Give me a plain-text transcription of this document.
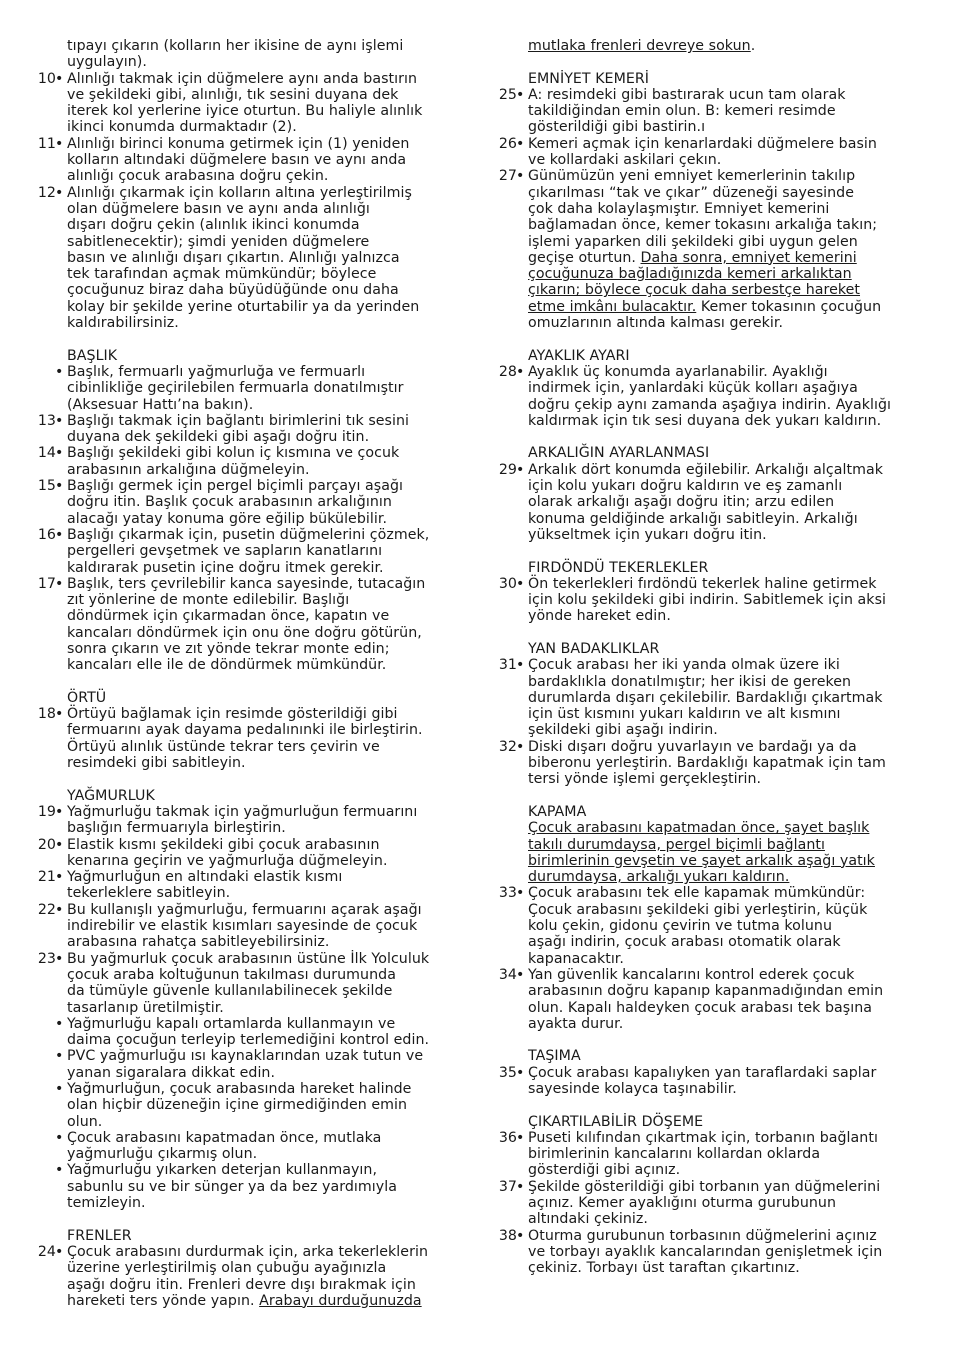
tıpayı çıkarın (kolların her ikisine de aynı işlemi
uygulayın).
10 • Alınlığı takmak için düğmelere aynı anda bastırın
ve şekildeki gibi, alınlığı, tık sesini duyana dek
iterek kol yerlerine iyice oturtun. Bu haliyle alınlık
ikinci konumda durmaktadır (2).
11 • Alınlığı birinci konuma getirmek için (1) yeniden
kolların altındaki düğmelere basın ve aynı anda
alınlığı çocuk arabasına doğru çekin.
12 • Alınlığı çıkarmak için kolların altına yerleştirilmiş
olan düğmelere basın ve aynı anda alınlığı
dışarı doğru çekin (alınlık ikinci konumda
sabitlenecektir); şimdi yeniden düğmelere
basın ve alınlığı dışarı çıkartın. Alınlığı yalnızca
tek tarafından açmak mümkündür; böylece
çocuğunuz biraz daha büyüdüğünde onu daha
kolay bir şekilde yerine oturtabilir ya da yerinden
kaldırabilirsiniz.
BAŞLIK
• Başlık, fermuarlı yağmurluğa ve fermuarlı
cibinlikliğe geçirilebilen fermuarla donatılmıştır
(Aksesuar Hattı’na bakın).
13 • Başlığı takmak için bağlantı birimlerini tık sesini
duyana dek şekildeki gibi aşağı doğru itin.
14 • Başlığı şekildeki gibi kolun iç kısmına ve çocuk
arabasının arkalığına düğmeleyin.
15 • Başlığı germek için pergel biçimli parçayı aşağı
doğru itin. Başlık çocuk arabasının arkalığının
alacağı yatay konuma göre eğilip bükülebilir.
16 • Başlığı çıkarmak için, pusetin düğmelerini çözmek,
pergelleri gevşetmek ve sapların kanatlarını
kaldırarak pusetin içine doğru itmek gerekir.
17 • Başlık, ters çevrilebilir kanca sayesinde, tutacağın
zıt yönlerine de monte edilebilir. Başlığı
döndürmek için çıkarmadan önce, kapatın ve
kancaları döndürmek için onu öne doğru götürün,
sonra çıkarın ve zıt yönde tekrar monte edin;
kancaları elle ile de döndürmek mümkündür.
ÖRTÜ
18 • Örtüyü bağlamak için resimde gösterildiği gibi
fermuarını ayak dayama pedalınınki ile birleştirin.
Örtüyü alınlık üstünde tekrar ters çevirin ve
resimdeki gibi sabitleyin.
YAĞMURLUK
19 • Yağmurluğu takmak için yağmurluğun fermuarını
başlığın fermuarıyla birleştirin.
20 • Elastik kısmı şekildeki gibi çocuk arabasının
kenarına geçirin ve yağmurluğa düğmeleyin.
21 • Yağmurluğun en altındaki elastik kısmı
tekerleklere sabitleyin.
22 • Bu kullanışlı yağmurluğu, fermuarını açarak aşağı
indirebilir ve elastik kısımları sayesinde de çocuk
arabasına rahatça sabitleyebilirsiniz.
23 • Bu yağmurluk çocuk arabasının üstüne İlk Yolculuk
çocuk araba koltuğunun takılması durumunda
da tümüyle güvenle kullanılabilinecek şekilde
tasarlanıp üretilmiştir.
• Yağmurluğu kapalı ortamlarda kullanmayın ve
daima çocuğun terleyip terlemediğini kontrol edin.
• PVC yağmurluğu ısı kaynaklarından uzak tutun ve
yanan sigaralara dikkat edin.
• Yağmurluğun, çocuk arabasında hareket halinde
olan hiçbir düzeneğin içine girmediğinden emin
olun.
• Çocuk arabasını kapatmadan önce, mutlaka
yağmurluğu çıkarmış olun.
• Yağmurluğu yıkarken deterjan kullanmayın,
sabunlu su ve bir sünger ya da bez yardımıyla
temizleyin.
FRENLER
24 • Çocuk arabasını durdurmak için, arka tekerleklerin
üzerine yerleştirilmiş olan çubuğu ayağınızla
aşağı doğru itin. Frenleri devre dışı bırakmak için
hareketi ters yönde yapın. Arabayı durduğunuzda
mutlaka frenleri devreye sokun.
EMNİYET KEMERİ
25 • A: resimdeki gibi bastırarak ucun tam olarak
takildiğindan emin olun. B: kemeri resimde
gösterildiği gibi bastirin.ı
26 • Kemeri açmak için kenarlardaki düğmelere basin
ve kollardaki askilari çekın.
27 • Günümüzün yeni emniyet kemerlerinin takılıp
çıkarılması “tak ve çıkar” düzeneği sayesinde
çok daha kolaylaşmıştır. Emniyet kemerini
bağlamadan önce, kemer tokasını arkalığa takın;
işlemi yaparken dili şekildeki gibi uygun gelen
geçişe oturtun. Daha sonra, emniyet kemerini
çocuğunuza bağladığınızda kemeri arkalıktan
çıkarın; böylece çocuk daha serbestçe hareket
etme imkânı bulacaktır. Kemer tokasının çocuğun
omuzlarının altında kalması gerekir.
AYAKLIK AYARI
28 • Ayaklık üç konumda ayarlanabilir. Ayaklığı
indirmek için, yanlardaki küçük kolları aşağıya
doğru çekip aynı zamanda aşağıya indirin. Ayaklığı
kaldırmak için tık sesi duyana dek yukarı kaldırın.
ARKALIĞIN AYARLANMASI
29 • Arkalık dört konumda eğilebilir. Arkalığı alçaltmak
için kolu yukarı doğru kaldırın ve eş zamanlı
olarak arkalığı aşağı doğru itin; arzu edilen
konuma geldiğinde arkalığı sabitleyin. Arkalığı
yükseltmek için yukarı doğru itin.
FIRDÖNDÜ TEKERLEKLER
30 • Ön tekerlekleri fırdöndü tekerlek haline getirmek
için kolu şekildeki gibi indirin. Sabitlemek için aksi
yönde hareket edin.
YAN BADAKLIKLAR
31 • Çocuk arabası her iki yanda olmak üzere iki
bardaklıkla donatılmıştır; her ikisi de gereken
durumlarda dışarı çekilebilir. Bardaklığı çıkartmak
için üst kısmını yukarı kaldırın ve alt kısmını
şekildeki gibi aşağı indirin.
32 • Diski dışarı doğru yuvarlayın ve bardağı ya da
biberonu yerleştirin. Bardaklığı kapatmak için tam
tersi yönde işlemi gerçekleştirin.
KAPAMA
Çocuk arabasını kapatmadan önce, şayet başlık
takılı durumdaysa, pergel biçimli bağlantı
birimlerinin gevşetin ve şayet arkalık aşağı yatık
durumdaysa, arkalığı yukarı kaldırın.
33 • Çocuk arabasını tek elle kapamak mümkündür:
Çocuk arabasını şekildeki gibi yerleştirin, küçük
kolu çekin, gidonu çevirin ve tutma kolunu
aşağı indirin, çocuk arabası otomatik olarak
kapanacaktır.
34 • Yan güvenlik kancalarını kontrol ederek çocuk
arabasının doğru kapanıp kapanmadığından emin
olun. Kapalı haldeyken çocuk arabası tek başına
ayakta durur.
TAŞIMA
35 • Çocuk arabası kapalıyken yan taraflardaki saplar
sayesinde kolayca taşınabilir.
ÇIKARTILABİLİR DÖŞEME
36 • Puseti kılıfından çıkartmak için, torbanın bağlantı
birimlerinin kancalarını kollardan oklarda
gösterdiği gibi açınız.
37 • Şekilde gösterildiği gibi torbanın yan düğmelerini
açınız. Kemer ayaklığını oturma gurubunun
altındaki çekiniz.
38 • Oturma gurubunun torbasının düğmelerini açınız
ve torbayı ayaklık kancalarından genişletmek için
çekiniz. Torbayı üst taraftan çıkartınız.
